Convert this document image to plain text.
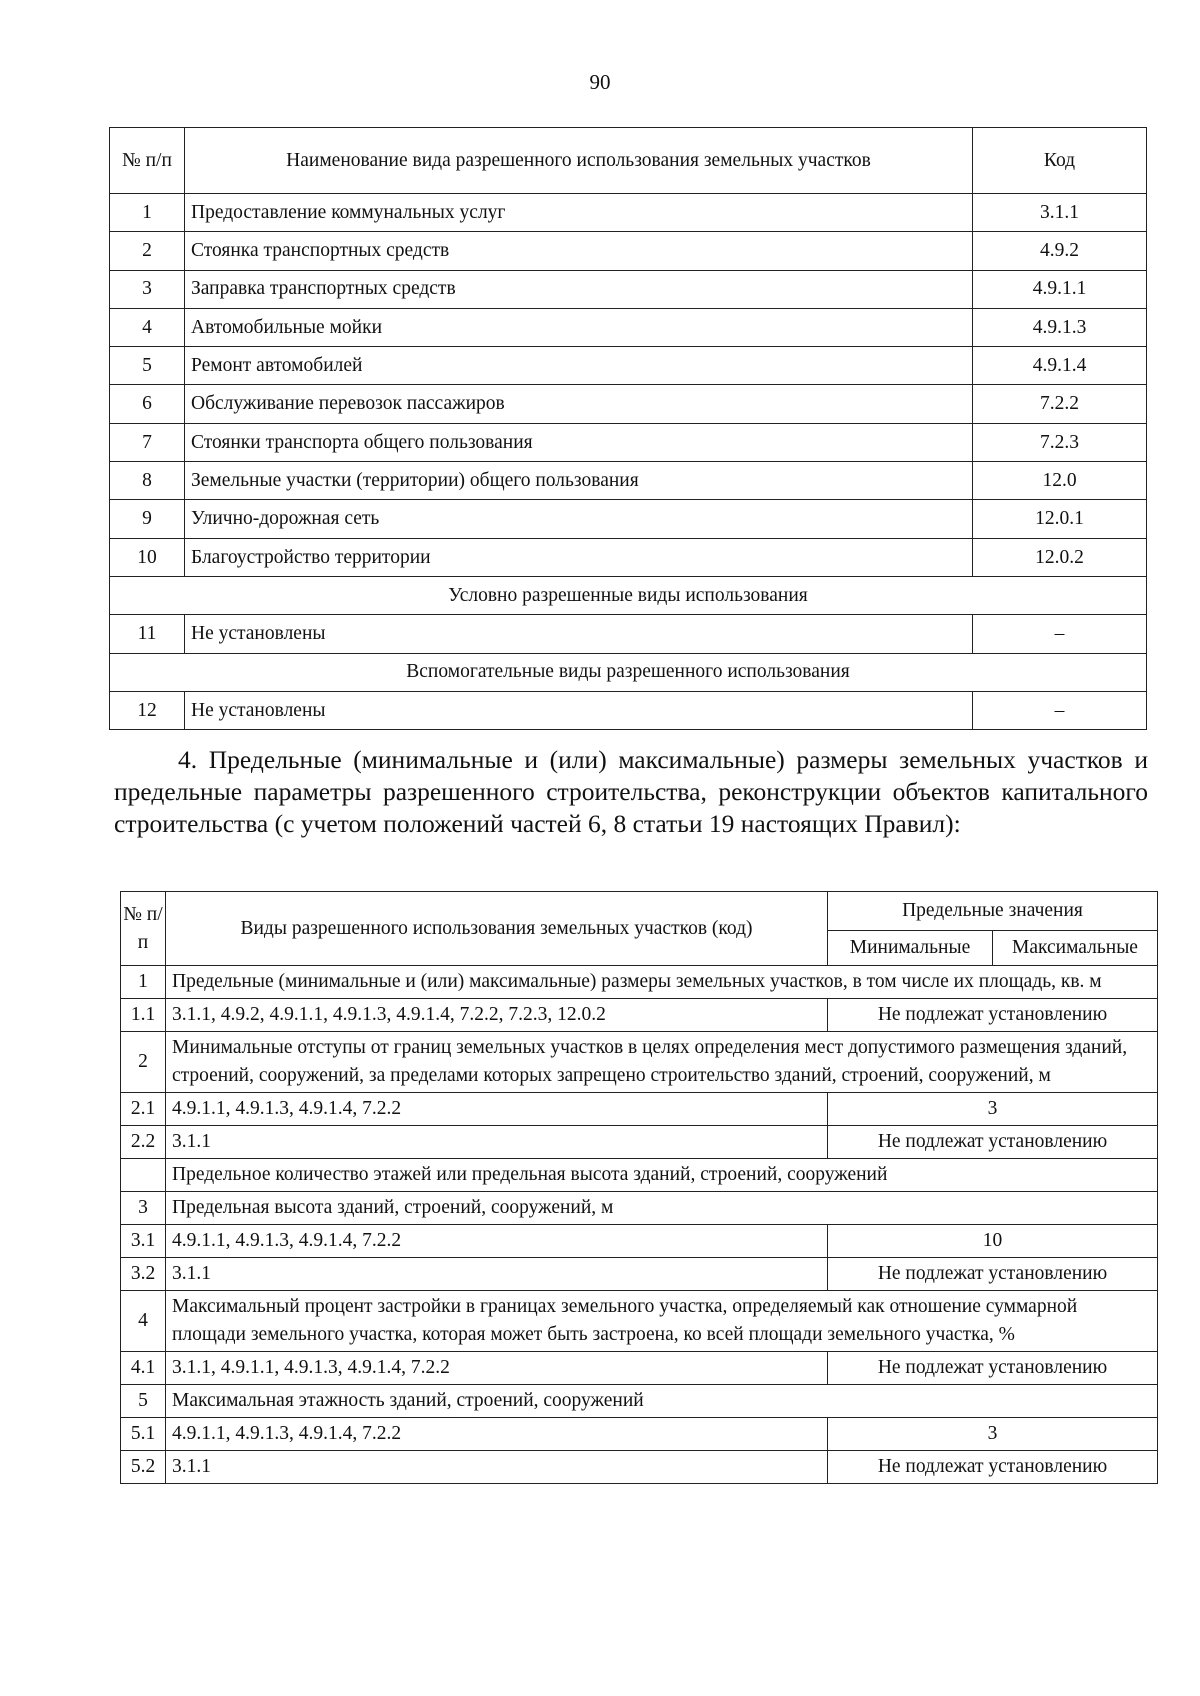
90
№ п/п	Наименование вида разрешенного использования земельных участков	Код
1	Предоставление коммунальных услуг	3.1.1
2	Стоянка транспортных средств	4.9.2
3	Заправка транспортных средств	4.9.1.1
4	Автомобильные мойки	4.9.1.3
5	Ремонт автомобилей	4.9.1.4
6	Обслуживание перевозок пассажиров	7.2.2
7	Стоянки транспорта общего пользования	7.2.3
8	Земельные участки (территории) общего пользования	12.0
9	Улично-дорожная сеть	12.0.1
10	Благоустройство территории	12.0.2
Условно разрешенные виды использования		
11	Не установлены	–
Вспомогательные виды разрешенного использования		
12	Не установлены	–

4. Предельные (минимальные и (или) максимальные) размеры земельных участков и предельные параметры разрешенного строительства, реконструкции объектов капитального строительства (с учетом положений частей 6, 8 статьи 19 настоящих Правил):

№ п/п	Виды разрешенного использования земельных участков (код)	Предельные значения	
		Минимальные	Максимальные
1	Предельные (минимальные и (или) максимальные) размеры земельных участков, в том числе их площадь, кв. м		
1.1	3.1.1, 4.9.2, 4.9.1.1, 4.9.1.3, 4.9.1.4, 7.2.2, 7.2.3, 12.0.2	Не подлежат установлению	
2	Минимальные отступы от границ земельных участков в целях определения мест допустимого размещения зданий, строений, сооружений, за пределами которых запрещено строительство зданий, строений, сооружений, м		
2.1	4.9.1.1, 4.9.1.3, 4.9.1.4, 7.2.2	3	
2.2	3.1.1	Не подлежат установлению	
	Предельное количество этажей или предельная высота зданий, строений, сооружений		
3	Предельная высота зданий, строений, сооружений, м		
3.1	4.9.1.1, 4.9.1.3, 4.9.1.4, 7.2.2	10	
3.2	3.1.1	Не подлежат установлению	
4	Максимальный процент застройки в границах земельного участка, определяемый как отношение суммарной площади земельного участка, которая может быть застроена, ко всей площади земельного участка, %		
4.1	3.1.1, 4.9.1.1, 4.9.1.3, 4.9.1.4, 7.2.2	Не подлежат установлению	
5	Максимальная этажность зданий, строений, сооружений		
5.1	4.9.1.1, 4.9.1.3, 4.9.1.4, 7.2.2	3	
5.2	3.1.1	Не подлежат установлению	
